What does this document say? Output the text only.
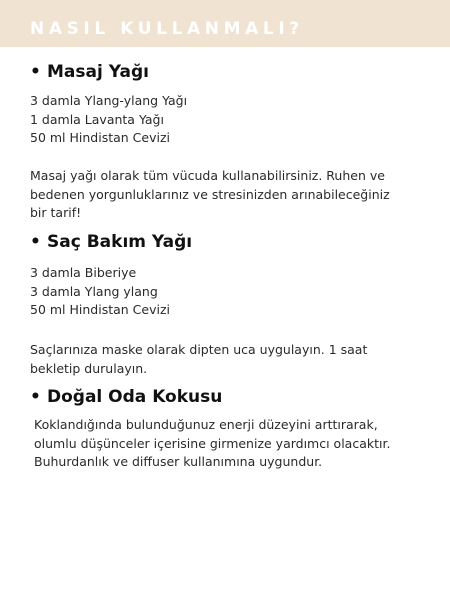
NASIL KULLANMALI?
• Masaj Yağı
3 damla Ylang-ylang Yağı
1 damla Lavanta Yağı
50 ml Hindistan Cevizi
Masaj yağı olarak tüm vücuda kullanabilirsiniz. Ruhen ve
bedenen yorgunluklarınız ve stresinizden arınabileceğiniz
bir tarif!
• Saç Bakım Yağı
3 damla Biberiye
3 damla Ylang ylang
50 ml Hindistan Cevizi
Saçlarınıza maske olarak dipten uca uygulayın. 1 saat
bekletip durulayın.
• Doğal Oda Kokusu
Koklandığında bulunduğunuz enerji düzeyini arttırarak,
olumlu düşünceler içerisine girmenize yardımcı olacaktır.
Buhurdanlık ve diffuser kullanımına uygundur.
